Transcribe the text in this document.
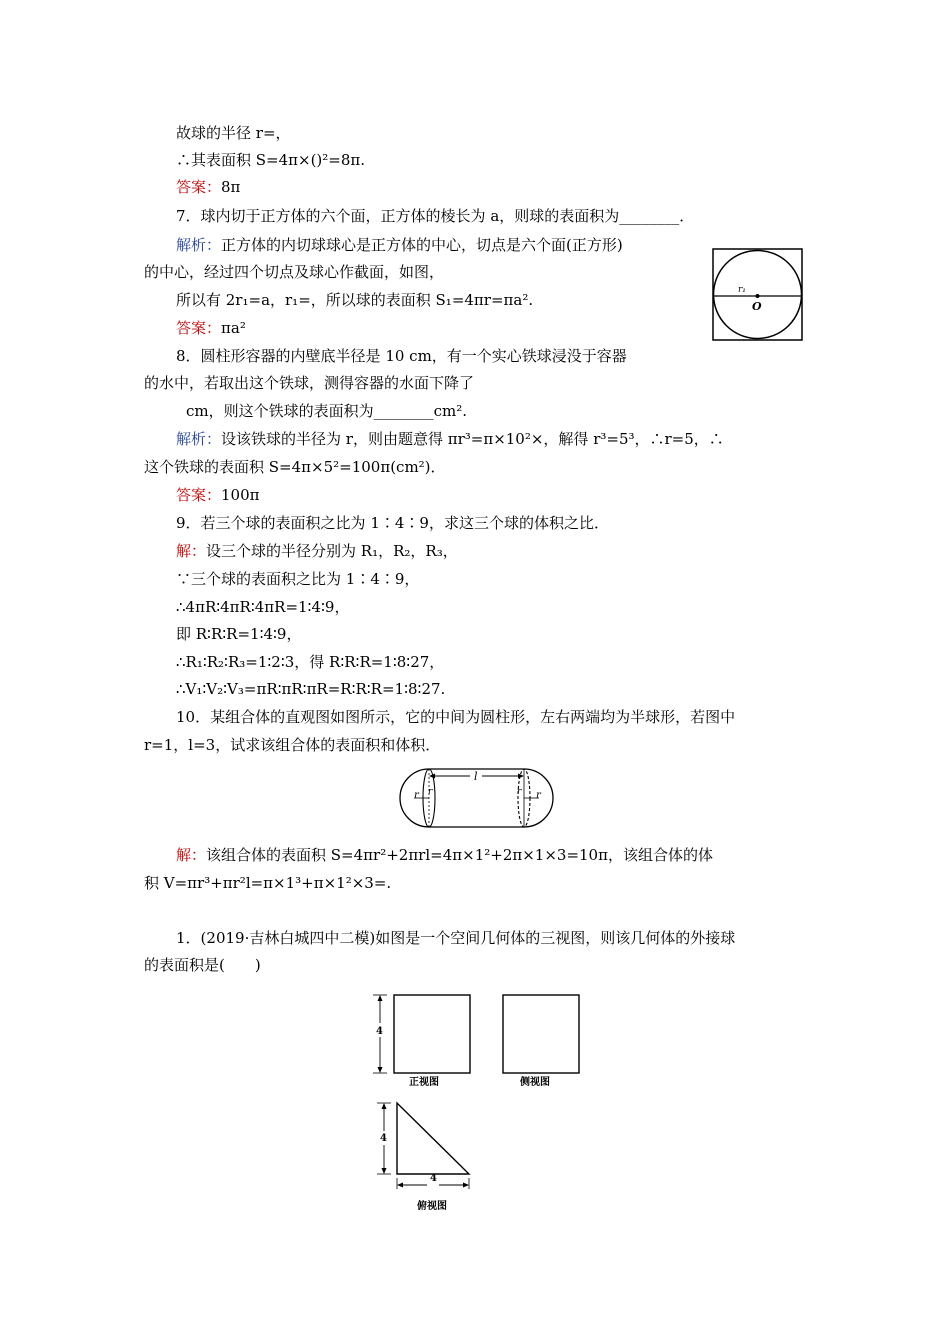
故球的半径 r=，
∴其表面积 S=4π×()²=8π.
答案：8π
7．球内切于正方体的六个面，正方体的棱长为 a，则球的表面积为________．
解析：正方体的内切球球心是正方体的中心，切点是六个面(正方形)
的中心，经过四个切点及球心作截面，如图，
所以有 2r₁=a，r₁=，所以球的表面积 S₁=4πr=πa².
答案：πa²
r₁
O
8．圆柱形容器的内壁底半径是 10 cm，有一个实心铁球浸没于容器
的水中，若取出这个铁球，测得容器的水面下降了
cm，则这个铁球的表面积为________cm².
解析：设该铁球的半径为 r，则由题意得 πr³=π×10²×，解得 r³=5³，∴r=5，∴
这个铁球的表面积 S=4π×5²=100π(cm²)．
答案：100π
9．若三个球的表面积之比为 1∶4∶9，求这三个球的体积之比．
解：设三个球的半径分别为 R₁，R₂，R₃，
∵三个球的表面积之比为 1∶4∶9，
∴4πR∶4πR∶4πR=1∶4∶9，
即 R∶R∶R=1∶4∶9，
∴R₁∶R₂∶R₃=1∶2∶3，得 R∶R∶R=1∶8∶27，
∴V₁∶V₂∶V₃=πR∶πR∶πR=R∶R∶R=1∶8∶27.
10．某组合体的直观图如图所示，它的中间为圆柱形，左右两端均为半球形，若图中
r=1，l=3，试求该组合体的表面积和体积．
l
r r	r r
解：该组合体的表面积 S=4πr²+2πrl=4π×1²+2π×1×3=10π，该组合体的体
积 V=πr³+πr²l=π×1³+π×1²×3=.
1．(2019·吉林白城四中二模)如图是一个空间几何体的三视图，则该几何体的外接球
的表面积是(　　)
4
正视图	侧视图
4
4
俯视图
